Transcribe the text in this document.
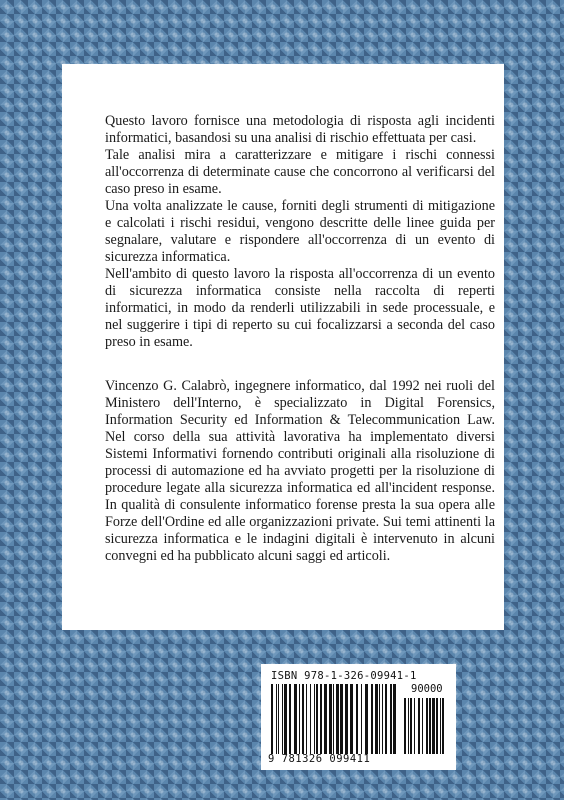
Questo lavoro fornisce una metodologia di risposta agli incidenti informatici, basandosi su una analisi di rischio effettuata per casi.

Tale analisi mira a caratterizzare e mitigare i rischi connessi all'occorrenza di determinate cause che concorrono al verificarsi del caso preso in esame.

Una volta analizzate le cause, forniti degli strumenti di mitigazione e calcolati i rischi residui, vengono descritte delle linee guida per segnalare, valutare e rispondere all'occorrenza di un evento di sicurezza informatica.

Nell'ambito di questo lavoro la risposta all'occorrenza di un evento di sicurezza informatica consiste nella raccolta di reperti informatici, in modo da renderli utilizzabili in sede processuale, e nel suggerire i tipi di reperto su cui focalizzarsi a seconda del caso preso in esame.

Vincenzo G. Calabrò, ingegnere informatico, dal 1992 nei ruoli del Ministero dell'Interno, è specializzato in Digital Forensics, Information Security ed Information & Telecommunication Law. Nel corso della sua attività lavorativa ha implementato diversi Sistemi Informativi fornendo contributi originali alla risoluzione di processi di automazione ed ha avviato progetti per la risoluzione di procedure legate alla sicurezza informatica ed all'incident response. In qualità di consulente informatico forense presta la sua opera alle Forze dell'Ordine ed alle organizzazioni private. Sui temi attinenti la sicurezza informatica e le indagini digitali è intervenuto in alcuni convegni ed ha pubblicato alcuni saggi ed articoli.

ISBN 978-1-326-09941-1
90000
9 781326 099411
